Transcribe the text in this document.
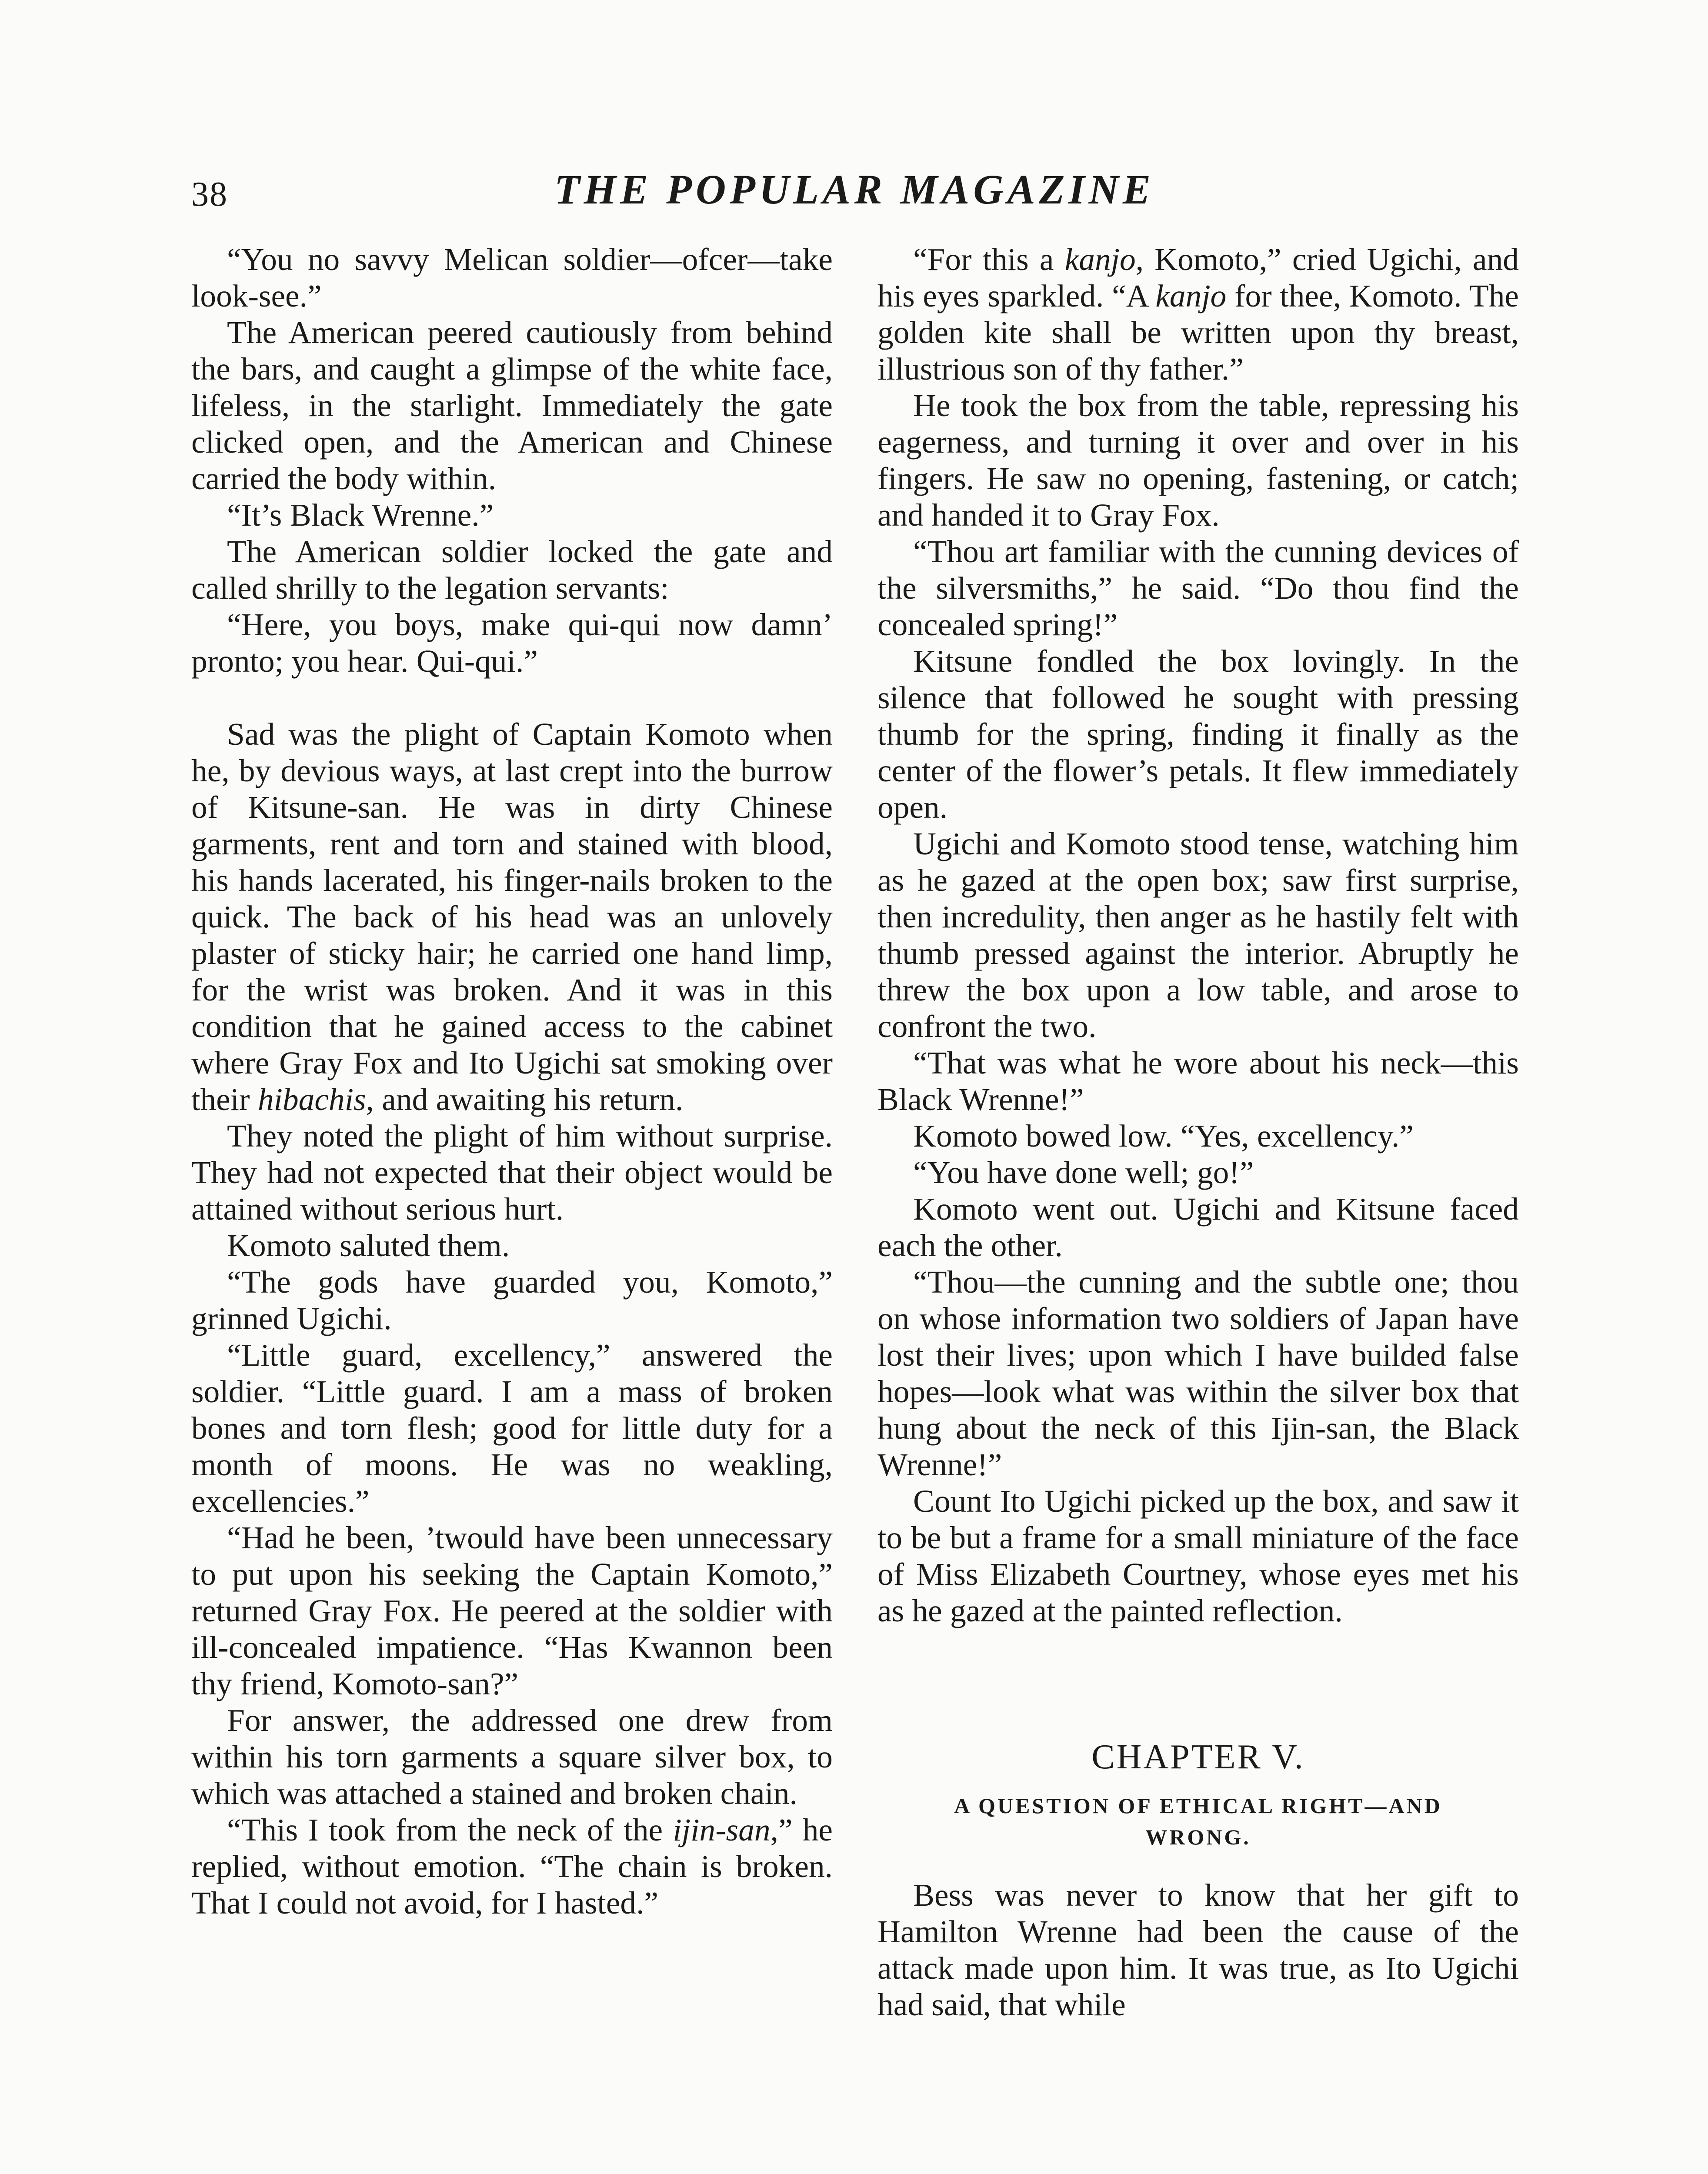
38	THE POPULAR MAGAZINE

“You no savvy Melican soldier—ofcer—take look-see.”

The American peered cautiously from behind the bars, and caught a glimpse of the white face, lifeless, in the starlight. Immediately the gate clicked open, and the American and Chinese carried the body within.

“It’s Black Wrenne.”

The American soldier locked the gate and called shrilly to the legation servants:

“Here, you boys, make qui-qui now damn’ pronto; you hear. Qui-qui.”

Sad was the plight of Captain Komoto when he, by devious ways, at last crept into the burrow of Kitsune-san. He was in dirty Chinese garments, rent and torn and stained with blood, his hands lacerated, his finger-nails broken to the quick. The back of his head was an unlovely plaster of sticky hair; he carried one hand limp, for the wrist was broken. And it was in this condition that he gained access to the cabinet where Gray Fox and Ito Ugichi sat smoking over their hibachis, and awaiting his return.

They noted the plight of him without surprise. They had not expected that their object would be attained without serious hurt.

Komoto saluted them.

“The gods have guarded you, Komoto,” grinned Ugichi.

“Little guard, excellency,” answered the soldier. “Little guard. I am a mass of broken bones and torn flesh; good for little duty for a month of moons. He was no weakling, excellencies.”

“Had he been, ’twould have been unnecessary to put upon his seeking the Captain Komoto,” returned Gray Fox. He peered at the soldier with ill-concealed impatience. “Has Kwannon been thy friend, Komoto-san?”

For answer, the addressed one drew from within his torn garments a square silver box, to which was attached a stained and broken chain.

“This I took from the neck of the ijin-san,” he replied, without emotion. “The chain is broken. That I could not avoid, for I hasted.”

“For this a kanjo, Komoto,” cried Ugichi, and his eyes sparkled. “A kanjo for thee, Komoto. The golden kite shall be written upon thy breast, illustrious son of thy father.”

He took the box from the table, repressing his eagerness, and turning it over and over in his fingers. He saw no opening, fastening, or catch; and handed it to Gray Fox.

“Thou art familiar with the cunning devices of the silversmiths,” he said. “Do thou find the concealed spring!”

Kitsune fondled the box lovingly. In the silence that followed he sought with pressing thumb for the spring, finding it finally as the center of the flower’s petals. It flew immediately open.

Ugichi and Komoto stood tense, watching him as he gazed at the open box; saw first surprise, then incredulity, then anger as he hastily felt with thumb pressed against the interior. Abruptly he threw the box upon a low table, and arose to confront the two.

“That was what he wore about his neck—this Black Wrenne!”

Komoto bowed low. “Yes, excellency.”

“You have done well; go!”

Komoto went out. Ugichi and Kitsune faced each the other.

“Thou—the cunning and the subtle one; thou on whose information two soldiers of Japan have lost their lives; upon which I have builded false hopes—look what was within the silver box that hung about the neck of this Ijin-san, the Black Wrenne!”

Count Ito Ugichi picked up the box, and saw it to be but a frame for a small miniature of the face of Miss Elizabeth Courtney, whose eyes met his as he gazed at the painted reflection.

CHAPTER V.
A QUESTION OF ETHICAL RIGHT—AND
WRONG.

Bess was never to know that her gift to Hamilton Wrenne had been the cause of the attack made upon him. It was true, as Ito Ugichi had said, that while
